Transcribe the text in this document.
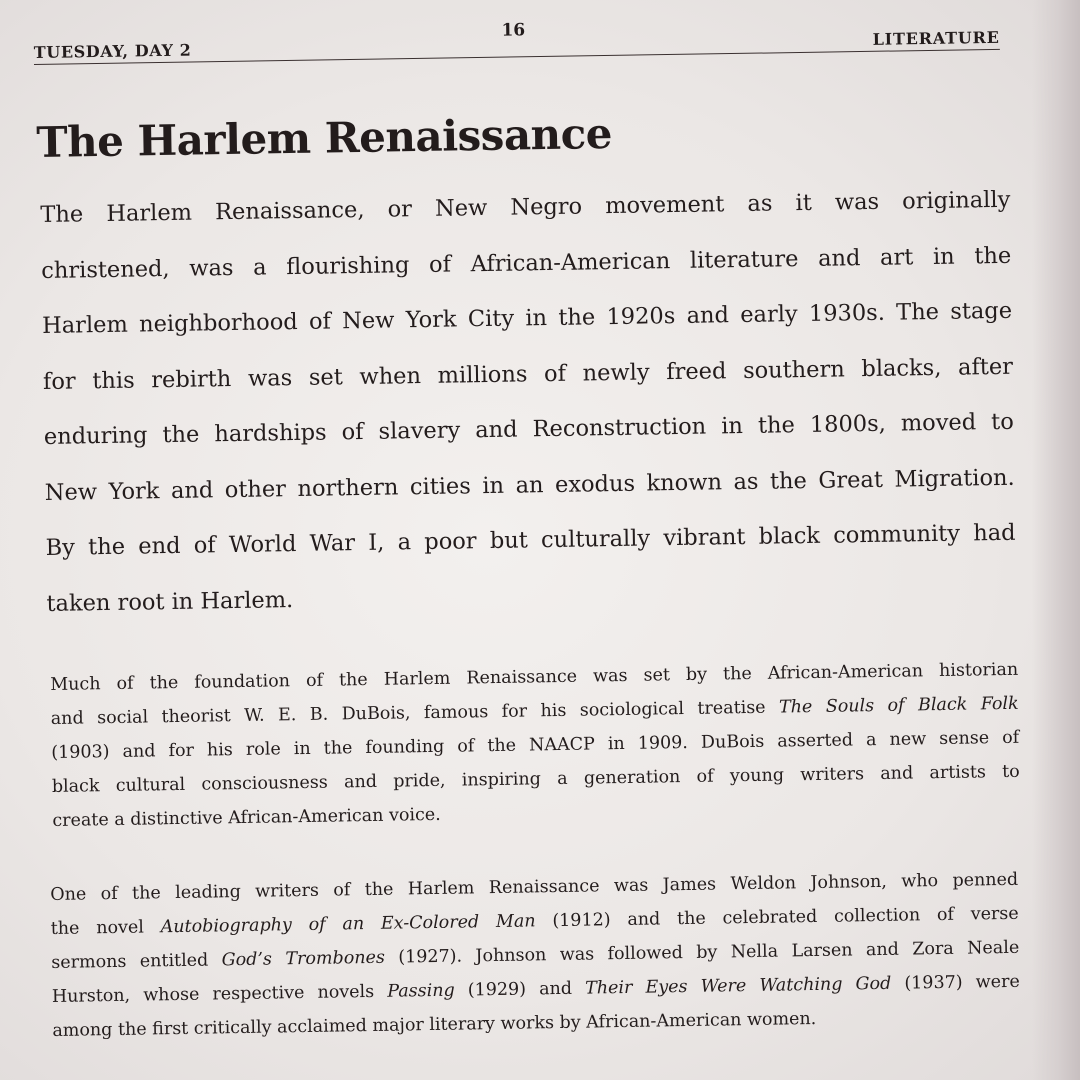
TUESDAY, DAY 2
16	LITERATURE
The Harlem Renaissance
The Harlem Renaissance, or New Negro movement as it was originally
christened, was a flourishing of African-American literature and art in the
Harlem neighborhood of New York City in the 1920s and early 1930s. The stage
for this rebirth was set when millions of newly freed southern blacks, after
enduring the hardships of slavery and Reconstruction in the 1800s, moved to
New York and other northern cities in an exodus known as the Great Migration.
By the end of World War I, a poor but culturally vibrant black community had
taken root in Harlem.
Much of the foundation of the Harlem Renaissance was set by the African-American historian
and social theorist W. E. B. DuBois, famous for his sociological treatise The Souls of Black Folk
(1903) and for his role in the founding of the NAACP in 1909. DuBois asserted a new sense of
black cultural consciousness and pride, inspiring a generation of young writers and artists to
create a distinctive African-American voice.
One of the leading writers of the Harlem Renaissance was James Weldon Johnson, who penned
the novel Autobiography of an Ex-Colored Man (1912) and the celebrated collection of verse
sermons entitled God’s Trombones (1927). Johnson was followed by Nella Larsen and Zora Neale
Hurston, whose respective novels Passing (1929) and Their Eyes Were Watching God (1937) were
among the first critically acclaimed major literary works by African-American women.
